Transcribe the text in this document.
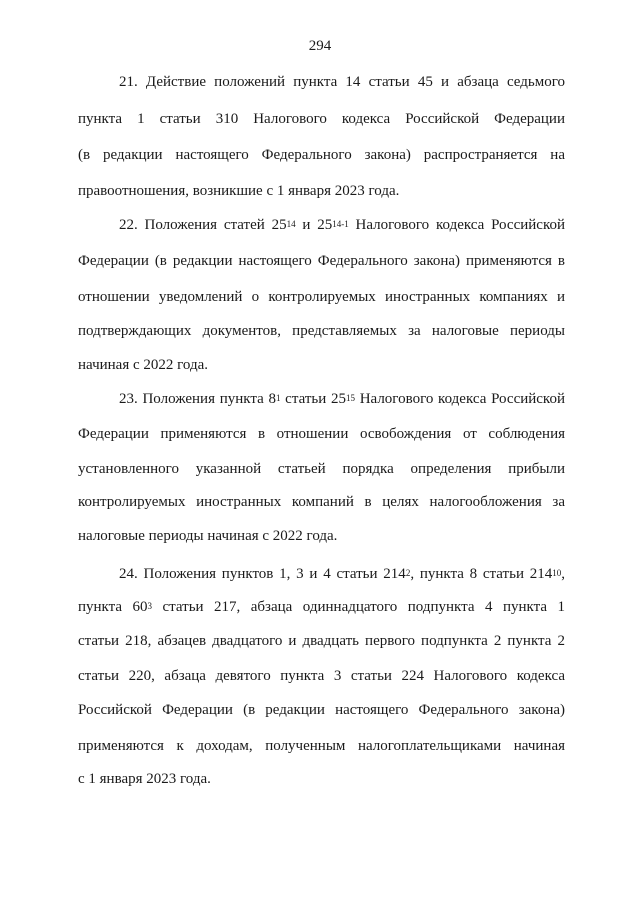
294
21. Действие положений пункта 14 статьи 45 и абзаца седьмого
пункта 1 статьи 310 Налогового кодекса Российской Федерации
(в редакции настоящего Федерального закона) распространяется на
правоотношения, возникшие с 1 января 2023 года.
22. Положения статей $25^{14}$ и 25$^{14-1}$ Налогового кодекса Российской
Федерации (в редакции настоящего Федерального закона) применяются в
отношении уведомлений о контролируемых иностранных компаниях и
подтверждающих документов, представляемых за налоговые периоды
начиная с 2022 года.
23. Положения пункта $8^1$ статьи $25^{15}$ Налогового кодекса Российской
Федерации применяются в отношении освобождения от соблюдения
установленного указанной статьей порядка определения прибыли
контролируемых иностранных компаний в целях налогообложения за
налоговые периоды начиная с 2022 года.
24. Положения пунктов 1, 3 и 4 статьи $214^2$, пункта 8 статьи $214^{10}$,
пункта $60^3$ статьи 217, абзаца одиннадцатого подпункта 4 пункта 1
статьи 218, абзацев двадцатого и двадцать первого подпункта 2 пункта 2
статьи 220, абзаца девятого пункта 3 статьи 224 Налогового кодекса
Российской Федерации (в редакции настоящего Федерального закона)
применяются к доходам, полученным налогоплательщиками начиная
с 1 января 2023 года.
